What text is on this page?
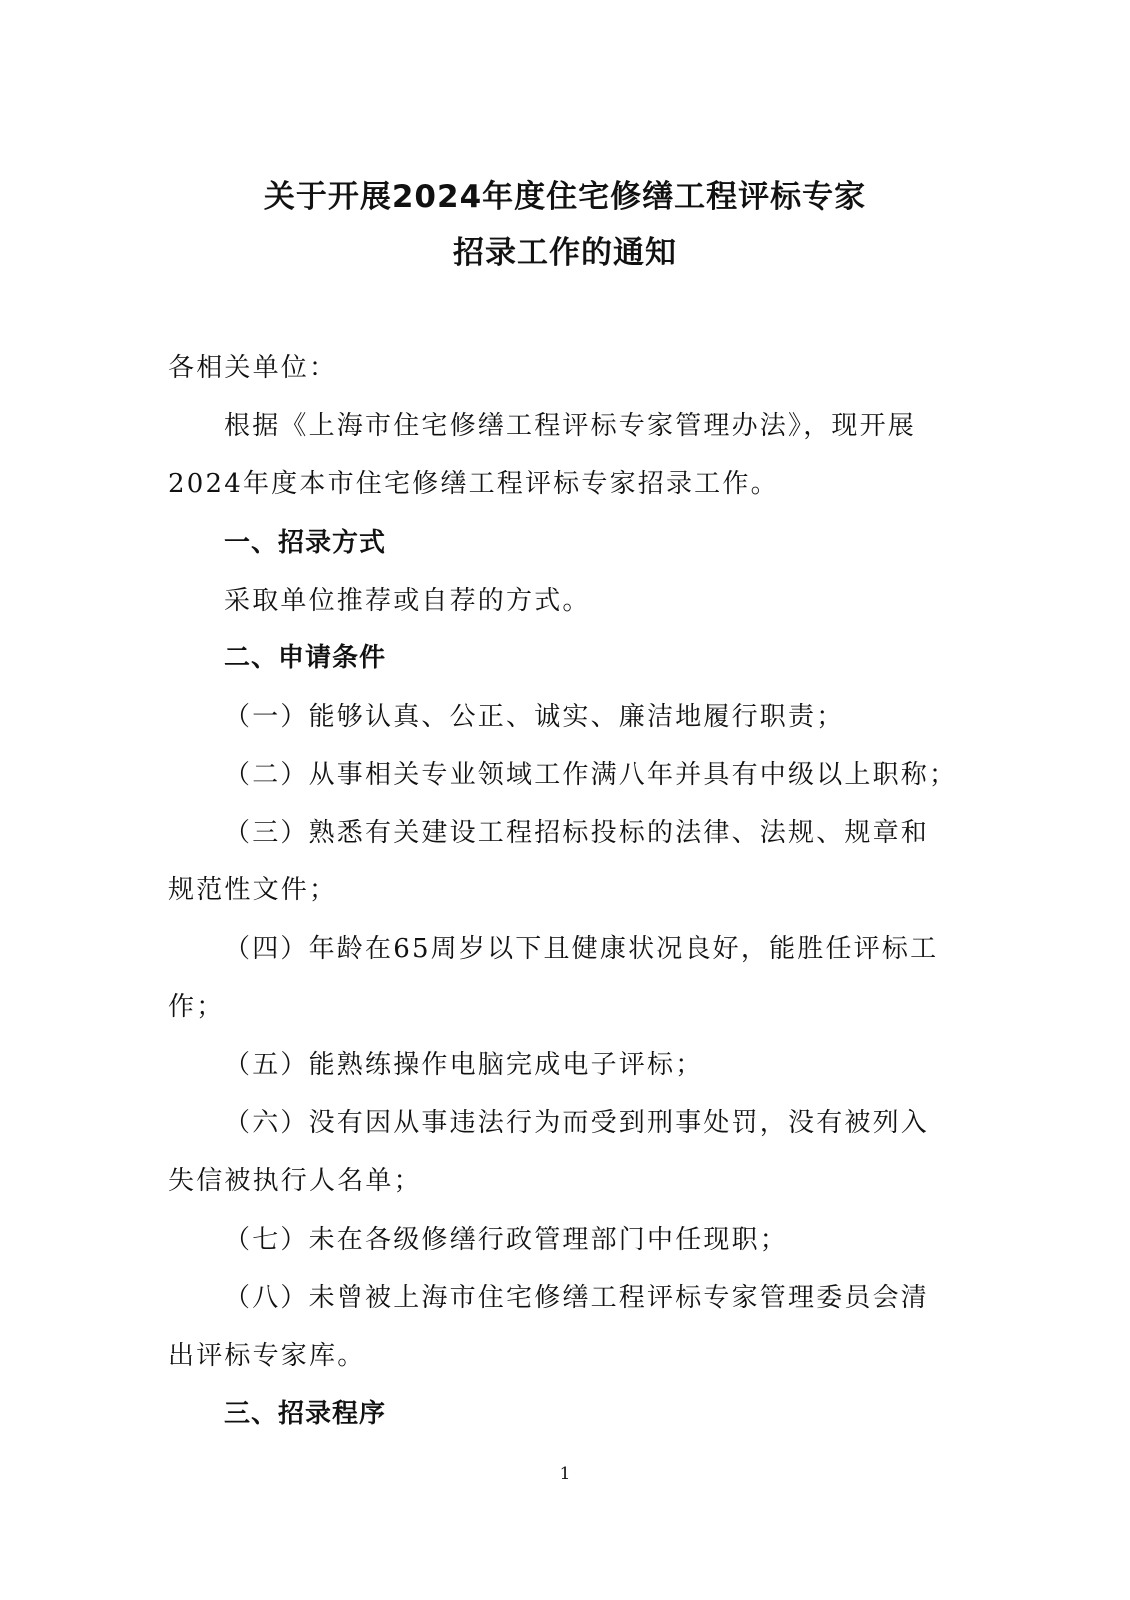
关于开展2024年度住宅修缮工程评标专家
招录工作的通知
各相关单位：
根据《上海市住宅修缮工程评标专家管理办法》，现开展
2024年度本市住宅修缮工程评标专家招录工作。
一、招录方式
采取单位推荐或自荐的方式。
二、申请条件
（一）能够认真、公正、诚实、廉洁地履行职责；
（二）从事相关专业领域工作满八年并具有中级以上职称；
（三）熟悉有关建设工程招标投标的法律、法规、规章和
规范性文件；
（四）年龄在65周岁以下且健康状况良好，能胜任评标工
作；
（五）能熟练操作电脑完成电子评标；
（六）没有因从事违法行为而受到刑事处罚，没有被列入
失信被执行人名单；
（七）未在各级修缮行政管理部门中任现职；
（八）未曾被上海市住宅修缮工程评标专家管理委员会清
出评标专家库。
三、招录程序
1
